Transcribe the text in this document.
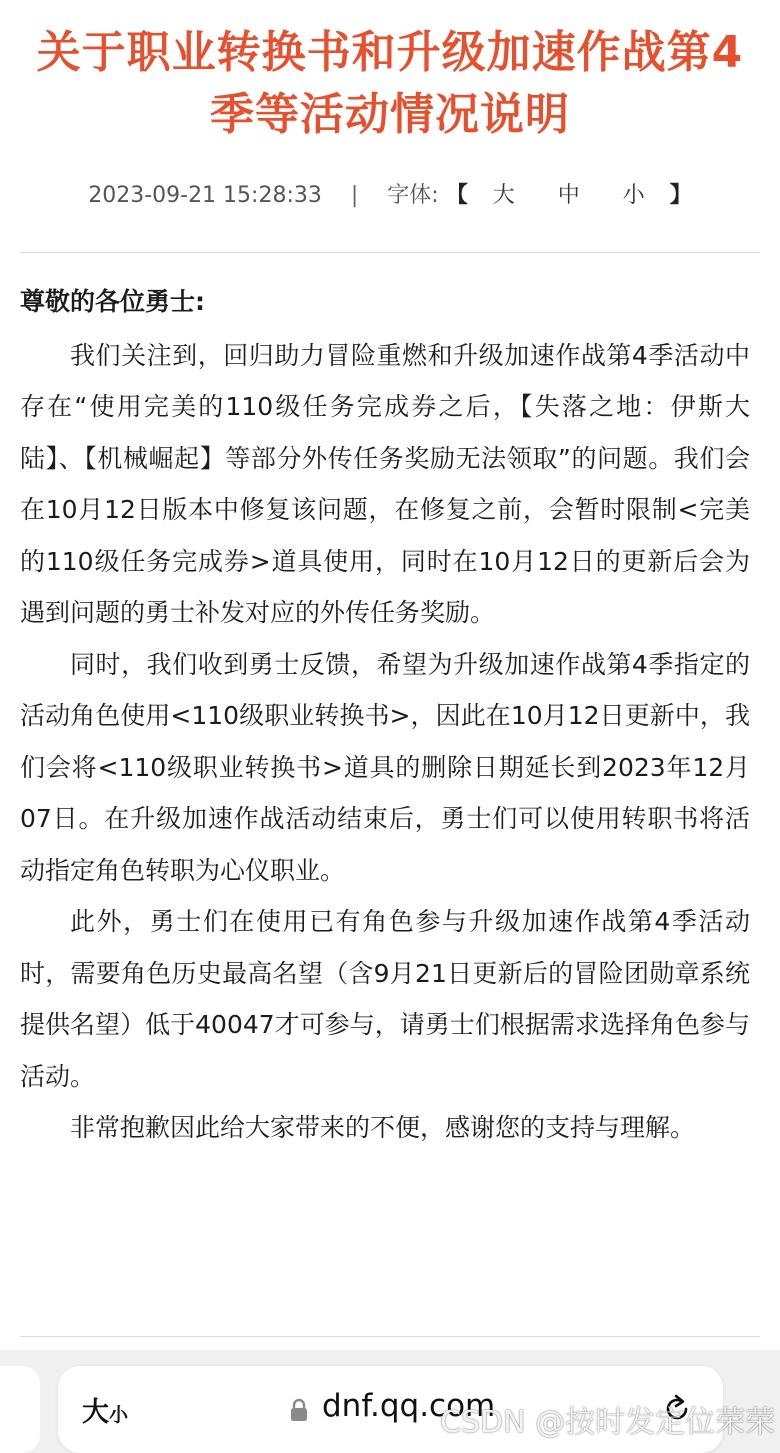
关于职业转换书和升级加速作战第4季等活动情况说明
2023-09-21 15:28:33 | 字体: 【 大 中 小 】

尊敬的各位勇士:

我们关注到，回归助力冒险重燃和升级加速作战第4季活动中存在“使用完美的110级任务完成券之后，【失落之地：伊斯大陆】、【机械崛起】等部分外传任务奖励无法领取”的问题。我们会在10月12日版本中修复该问题，在修复之前，会暂时限制<完美的110级任务完成券>道具使用，同时在10月12日的更新后会为遇到问题的勇士补发对应的外传任务奖励。

同时，我们收到勇士反馈，希望为升级加速作战第4季指定的活动角色使用<110级职业转换书>，因此在10月12日更新中，我们会将<110级职业转换书>道具的删除日期延长到2023年12月07日。在升级加速作战活动结束后，勇士们可以使用转职书将活动指定角色转职为心仪职业。

此外，勇士们在使用已有角色参与升级加速作战第4季活动时，需要角色历史最高名望（含9月21日更新后的冒险团勋章系统提供名望）低于40047才可参与，请勇士们根据需求选择角色参与活动。

非常抱歉因此给大家带来的不便，感谢您的支持与理解。

大小	dnf.qq.com
CSDN @按时发定位荣荣
